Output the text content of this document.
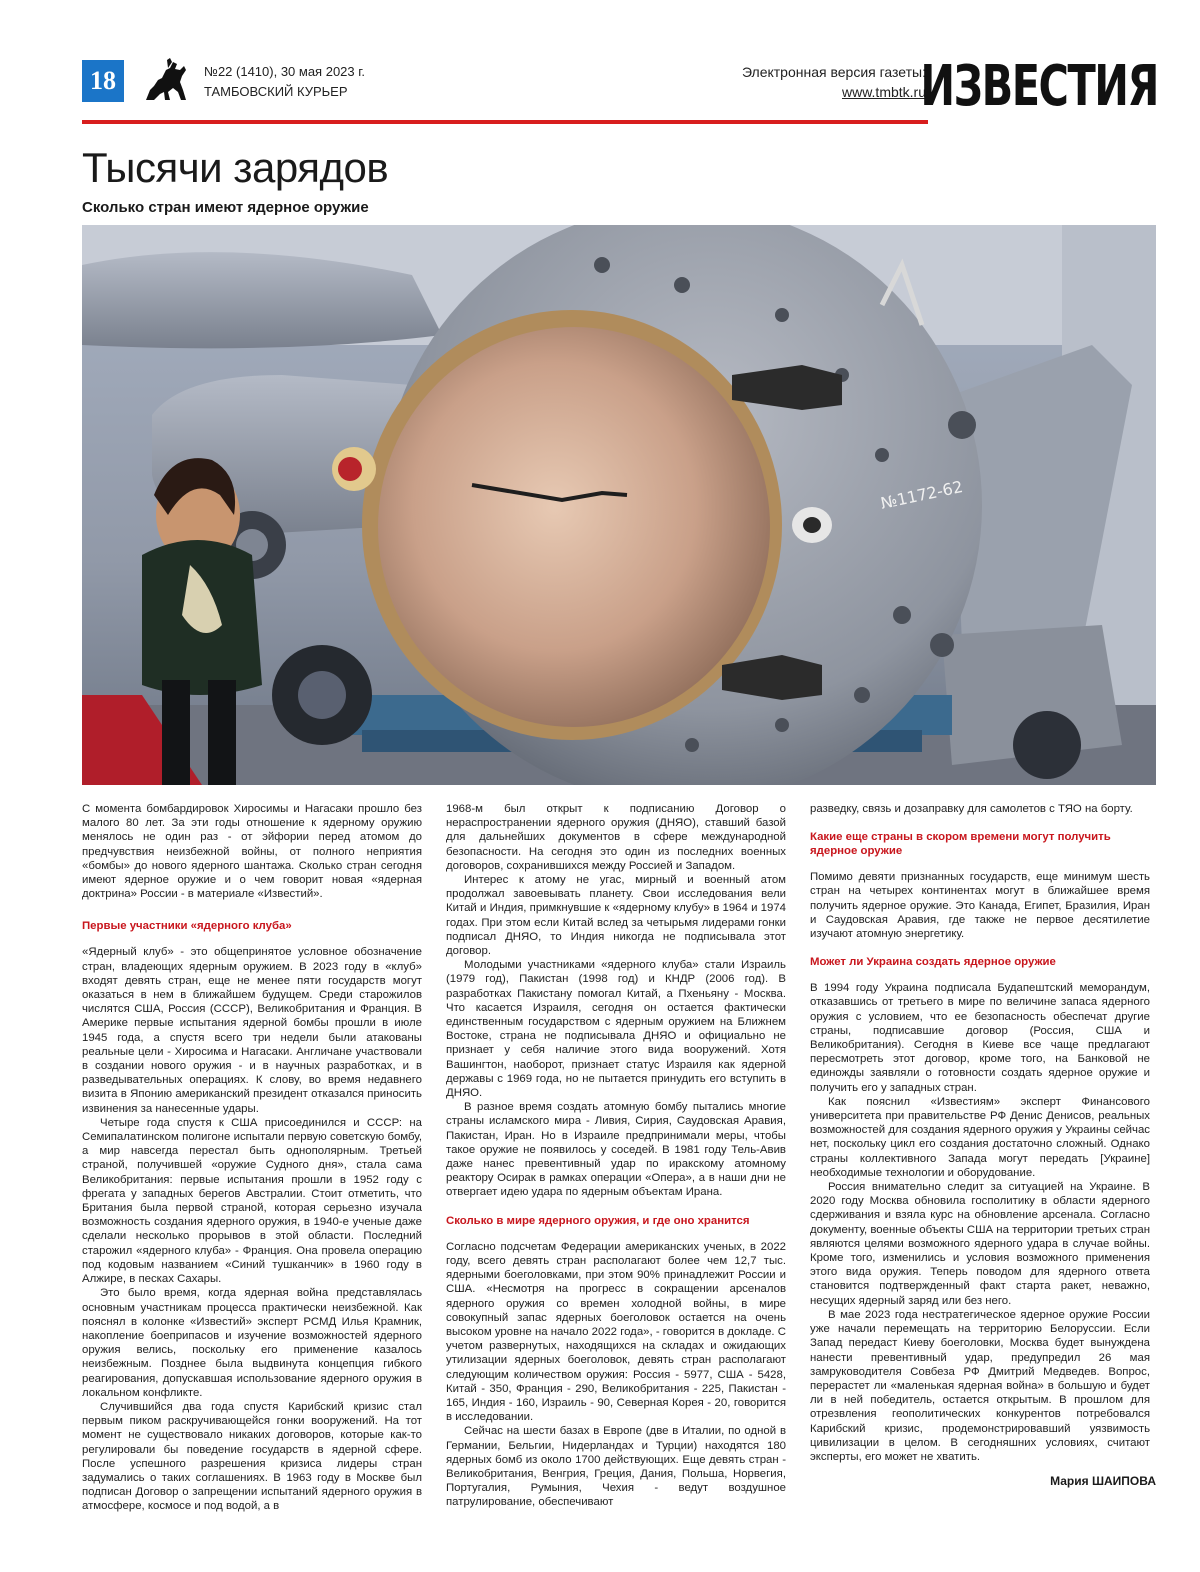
18	№22 (1410), 30 мая 2023 г.
ТАМБОВСКИЙ КУРЬЕР
Электронная версия газеты:
www.tmbtk.ru
ИЗВЕСТИЯ
Тысячи зарядов
Сколько стран имеют ядерное оружие
№1172-62

С момента бомбардировок Хиросимы и Нагасаки прошло без малого 80 лет. За эти годы отношение к ядерному оружию менялось не один раз - от эйфории перед атомом до предчувствия неизбежной войны, от полного неприятия «бомбы» до нового ядерного шантажа. Сколько стран сегодня имеют ядерное оружие и о чем говорит новая «ядерная доктрина» России - в материале «Известий».

Первые участники «ядерного клуба»

«Ядерный клуб» - это общепринятое условное обозначение стран, владеющих ядерным оружием. В 2023 году в «клуб» входят девять стран, еще не менее пяти государств могут оказаться в нем в ближайшем будущем. Среди старожилов числятся США, Россия (СССР), Великобритания и Франция. В Америке первые испытания ядерной бомбы прошли в июле 1945 года, а спустя всего три недели были атакованы реальные цели - Хиросима и Нагасаки. Англичане участвовали в создании нового оружия - и в научных разработках, и в разведывательных операциях. К слову, во время недавнего визита в Японию американский президент отказался приносить извинения за нанесенные удары.

Четыре года спустя к США присоединился и СССР: на Семипалатинском полигоне испытали первую советскую бомбу, а мир навсегда перестал быть однополярным. Третьей страной, получившей «оружие Судного дня», стала сама Великобритания: первые испытания прошли в 1952 году с фрегата у западных берегов Австралии. Стоит отметить, что Британия была первой страной, которая серьезно изучала возможность создания ядерного оружия, в 1940-е ученые даже сделали несколько прорывов в этой области. Последний старожил «ядерного клуба» - Франция. Она провела операцию под кодовым названием «Синий тушканчик» в 1960 году в Алжире, в песках Сахары.

Это было время, когда ядерная война представлялась основным участникам процесса практически неизбежной. Как пояснял в колонке «Известий» эксперт РСМД Илья Крамник, накопление боеприпасов и изучение возможностей ядерного оружия велись, поскольку его применение казалось неизбежным. Позднее была выдвинута концепция гибкого реагирования, допускавшая использование ядерного оружия в локальном конфликте.

Случившийся два года спустя Карибский кризис стал первым пиком раскручивающейся гонки вооружений. На тот момент не существовало никаких договоров, которые как-то регулировали бы поведение государств в ядерной сфере. После успешного разрешения кризиса лидеры стран задумались о таких соглашениях. В 1963 году в Москве был подписан Договор о запрещении испытаний ядерного оружия в атмосфере, космосе и под водой, а в

1968-м был открыт к подписанию Договор о нераспространении ядерного оружия (ДНЯО), ставший базой для дальнейших документов в сфере международной безопасности. На сегодня это один из последних военных договоров, сохранившихся между Россией и Западом.

Интерес к атому не угас, мирный и военный атом продолжал завоевывать планету. Свои исследования вели Китай и Индия, примкнувшие к «ядерному клубу» в 1964 и 1974 годах. При этом если Китай вслед за четырьмя лидерами гонки подписал ДНЯО, то Индия никогда не подписывала этот договор.

Молодыми участниками «ядерного клуба» стали Израиль (1979 год), Пакистан (1998 год) и КНДР (2006 год). В разработках Пакистану помогал Китай, а Пхеньяну - Москва. Что касается Израиля, сегодня он остается фактически единственным государством с ядерным оружием на Ближнем Востоке, страна не подписывала ДНЯО и официально не признает у себя наличие этого вида вооружений. Хотя Вашингтон, наоборот, признает статус Израиля как ядерной державы с 1969 года, но не пытается принудить его вступить в ДНЯО.

В разное время создать атомную бомбу пытались многие страны исламского мира - Ливия, Сирия, Саудовская Аравия, Пакистан, Иран. Но в Израиле предпринимали меры, чтобы такое оружие не появилось у соседей. В 1981 году Тель-Авив даже нанес превентивный удар по иракскому атомному реактору Осирак в рамках операции «Опера», а в наши дни не отвергает идею удара по ядерным объектам Ирана.

Сколько в мире ядерного оружия, и где оно хранится

Согласно подсчетам Федерации американских ученых, в 2022 году, всего девять стран располагают более чем 12,7 тыс. ядерными боеголовками, при этом 90% принадлежит России и США. «Несмотря на прогресс в сокращении арсеналов ядерного оружия со времен холодной войны, в мире совокупный запас ядерных боеголовок остается на очень высоком уровне на начало 2022 года», - говорится в докладе. С учетом развернутых, находящихся на складах и ожидающих утилизации ядерных боеголовок, девять стран располагают следующим количеством оружия: Россия - 5977, США - 5428, Китай - 350, Франция - 290, Великобритания - 225, Пакистан - 165, Индия - 160, Израиль - 90, Северная Корея - 20, говорится в исследовании.

Сейчас на шести базах в Европе (две в Италии, по одной в Германии, Бельгии, Нидерландах и Турции) находятся 180 ядерных бомб из около 1700 действующих. Еще девять стран - Великобритания, Венгрия, Греция, Дания, Польша, Норвегия, Португалия, Румыния, Чехия - ведут воздушное патрулирование, обеспечивают

разведку, связь и дозаправку для самолетов с ТЯО на борту.

Какие еще страны в скором времени могут получить ядерное оружие

Помимо девяти признанных государств, еще минимум шесть стран на четырех континентах могут в ближайшее время получить ядерное оружие. Это Канада, Египет, Бразилия, Иран и Саудовская Аравия, где также не первое десятилетие изучают атомную энергетику.

Может ли Украина создать ядерное оружие

В 1994 году Украина подписала Будапештский меморандум, отказавшись от третьего в мире по величине запаса ядерного оружия с условием, что ее безопасность обеспечат другие страны, подписавшие договор (Россия, США и Великобритания). Сегодня в Киеве все чаще предлагают пересмотреть этот договор, кроме того, на Банковой не единожды заявляли о готовности создать ядерное оружие и получить его у западных стран.

Как пояснил «Известиям» эксперт Финансового университета при правительстве РФ Денис Денисов, реальных возможностей для создания ядерного оружия у Украины сейчас нет, поскольку цикл его создания достаточно сложный. Однако страны коллективного Запада могут передать [Украине] необходимые технологии и оборудование.

Россия внимательно следит за ситуацией на Украине. В 2020 году Москва обновила госполитику в области ядерного сдерживания и взяла курс на обновление арсенала. Согласно документу, военные объекты США на территории третьих стран являются целями возможного ядерного удара в случае войны. Кроме того, изменились и условия возможного применения этого вида оружия. Теперь поводом для ядерного ответа становится подтвержденный факт старта ракет, неважно, несущих ядерный заряд или без него.

В мае 2023 года нестратегическое ядерное оружие России уже начали перемещать на территорию Белоруссии. Если Запад передаст Киеву боеголовки, Москва будет вынуждена нанести превентивный удар, предупредил 26 мая замруководителя Совбеза РФ Дмитрий Медведев. Вопрос, перерастет ли «маленькая ядерная война» в большую и будет ли в ней победитель, остается открытым. В прошлом для отрезвления геополитических конкурентов потребовался Карибский кризис, продемонстрировавший уязвимость цивилизации в целом. В сегодняшних условиях, считают эксперты, его может не хватить.

Мария ШАИПОВА
